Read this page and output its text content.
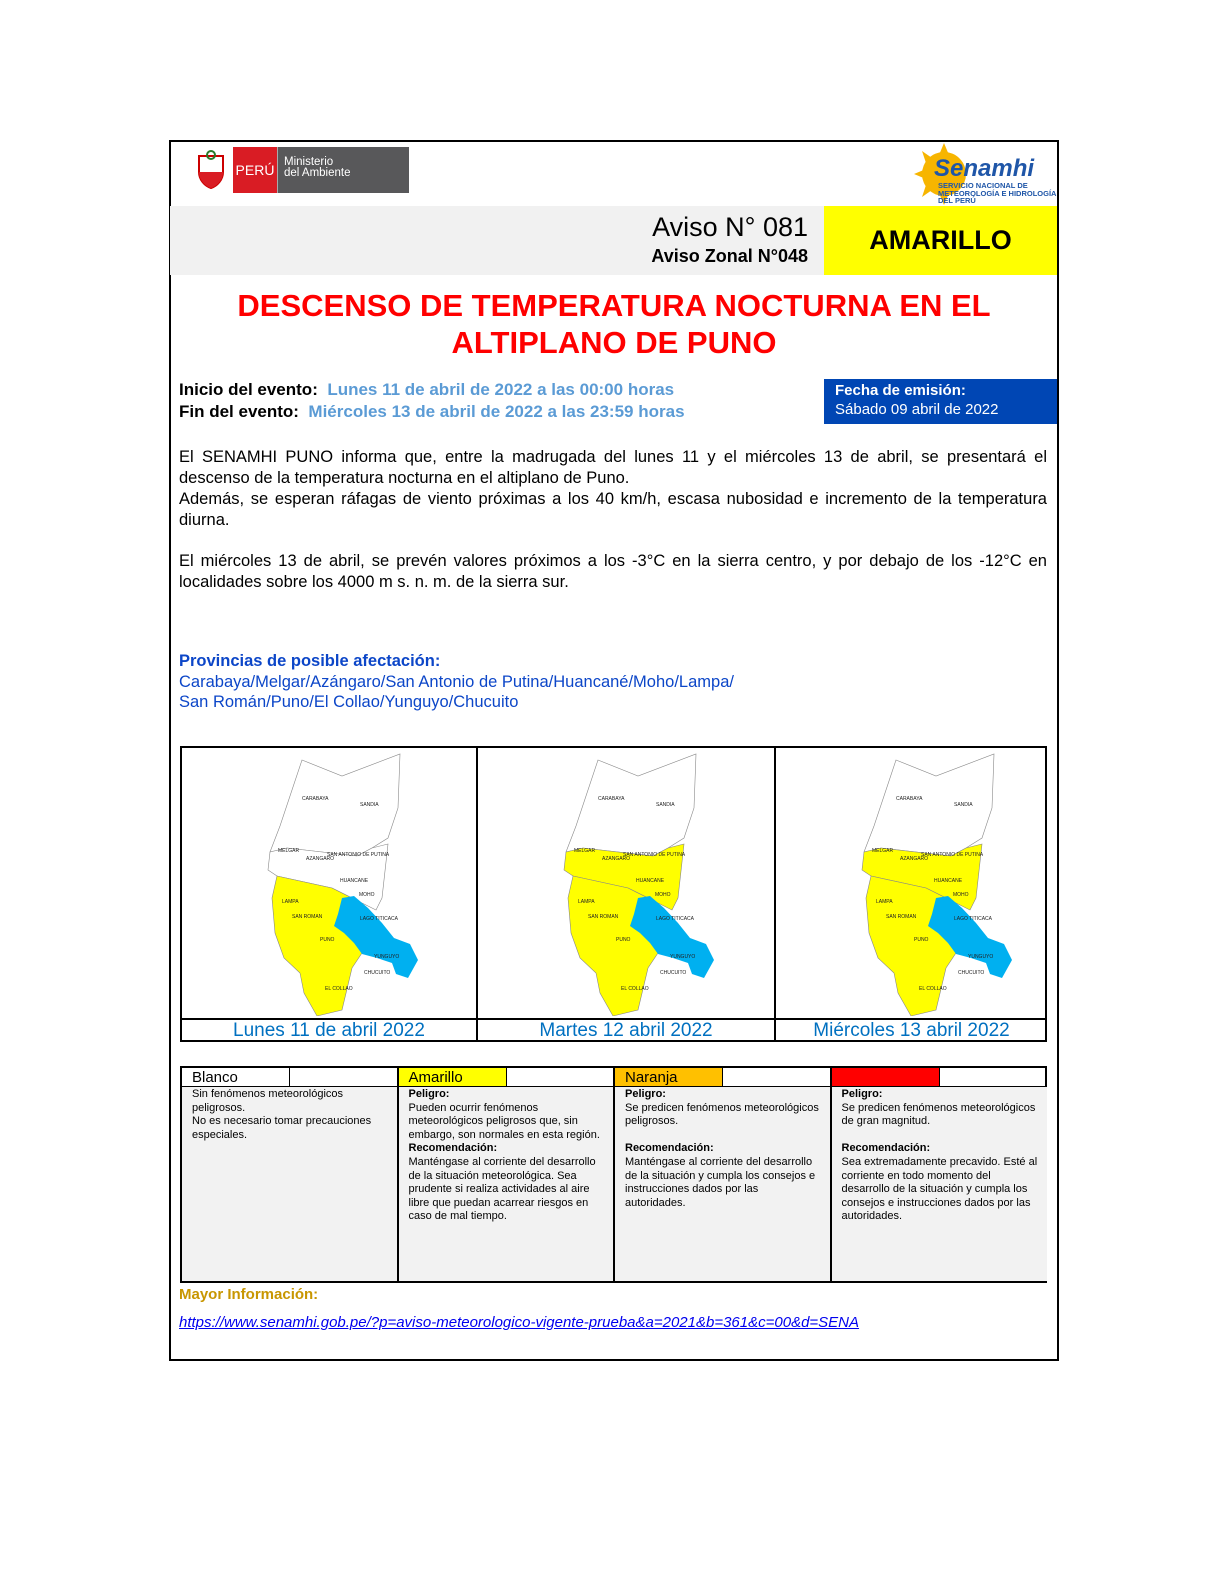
PERÚ Ministerio
del Ambiente	Senamhi
SERVICIO NACIONAL DE METEOROLOGÍA E HIDROLOGÍA DEL PERÚ
Aviso N° 081
Aviso Zonal N°048
AMARILLO
DESCENSO DE TEMPERATURA NOCTURNA EN EL
ALTIPLANO DE PUNO
Inicio del evento: Lunes 11 de abril de 2022 a las 00:00 horas
Fin del evento: Miércoles 13 de abril de 2022 a las 23:59 horas
Fecha de emisión:
Sábado 09 abril de 2022

El SENAMHI PUNO informa que, entre la madrugada del lunes 11 y el miércoles 13 de abril, se presentará el descenso de la temperatura nocturna en el altiplano de Puno.
Además, se esperan ráfagas de viento próximas a los 40 km/h, escasa nubosidad e incremento de la temperatura diurna.

El miércoles 13 de abril, se prevén valores próximos a los -3°C en la sierra centro, y por debajo de los -12°C en localidades sobre los 4000 m s. n. m. de la sierra sur.

Provincias de posible afectación:
Carabaya/Melgar/Azángaro/San Antonio de Putina/Huancané/Moho/Lampa/
San Román/Puno/El Collao/Yunguyo/Chucuito
CARABAYA
SANDIA
MELGAR
AZANGARO
SAN ANTONIO DE PUTINA
HUANCANE
MOHO
LAMPA
SAN ROMAN	LAGO TITICACA
PUNO
YUNGUYO
CHUCUITO
EL COLLAO
Lunes 11 de abril 2022
CARABAYA
SANDIA
MELGAR
AZANGARO
SAN ANTONIO DE PUTINA
HUANCANE
MOHO
LAMPA
SAN ROMAN	LAGO TITICACA
PUNO
YUNGUYO
CHUCUITO
EL COLLAO
Martes 12 abril 2022
CARABAYA
SANDIA
MELGAR
AZANGARO
SAN ANTONIO DE PUTINA
HUANCANE
MOHO
LAMPA
SAN ROMAN	LAGO TITICACA
PUNO
YUNGUYO
CHUCUITO
EL COLLAO
Miércoles 13 abril 2022
Blanco
Sin fenómenos meteorológicos peligrosos.
No es necesario tomar precauciones especiales.
Amarillo
Peligro:
Pueden ocurrir fenómenos meteorológicos peligrosos que, sin embargo, son normales en esta región.
Recomendación:
Manténgase al corriente del desarrollo de la situación meteorológica. Sea prudente si realiza actividades al aire libre que puedan acarrear riesgos en caso de mal tiempo.
Naranja
Peligro:
Se predicen fenómenos meteorológicos peligrosos.
Recomendación:
Manténgase al corriente del desarrollo de la situación y cumpla los consejos e instrucciones dados por las autoridades.
Rojo
Peligro:
Se predicen fenómenos meteorológicos de gran magnitud.
Recomendación:
Sea extremadamente precavido. Esté al corriente en todo momento del desarrollo de la situación y cumpla los consejos e instrucciones dados por las autoridades.
Mayor Información:
https://www.senamhi.gob.pe/?p=aviso-meteorologico-vigente-prueba&a=2021&b=361&c=00&d=SENA
